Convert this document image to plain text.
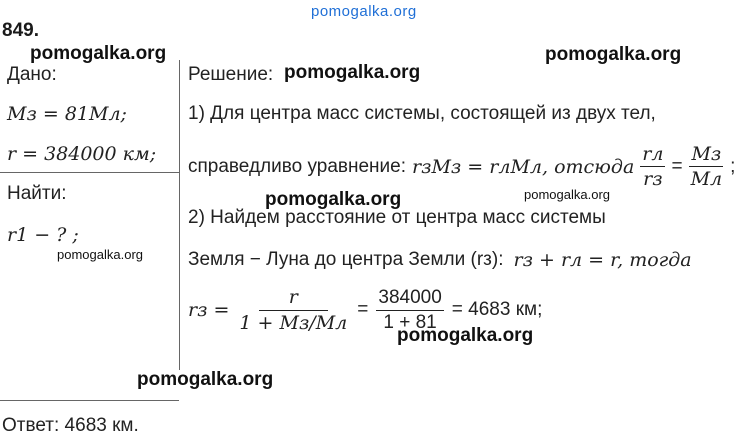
pomogalka.org
849.
Дано:
Mз = 81Mл;
r = 384000 км;
Найти:
r1 − ? ;
Решение:
1) Для центра масс системы, состоящей из двух тел,
справедливо уравнение: rзMз = rлMл, отсюда $\frac{rл}{rз} = \frac{Mз}{Mл}$ ;
2) Найдем расстояние от центра масс системы
Земля − Луна до центра Земли (rз): rз + rл = r, тогда
rз = $\frac{r}{1 + Mз/Mл} = \frac{384000}{1 + 81} = 4683$ км;
Ответ: 4683 км.
pomogalka.org	pomogalka.org
pomogalka.org
pomogalka.org	pomogalka.org
pomogalka.org
pomogalka.org
pomogalka.org
